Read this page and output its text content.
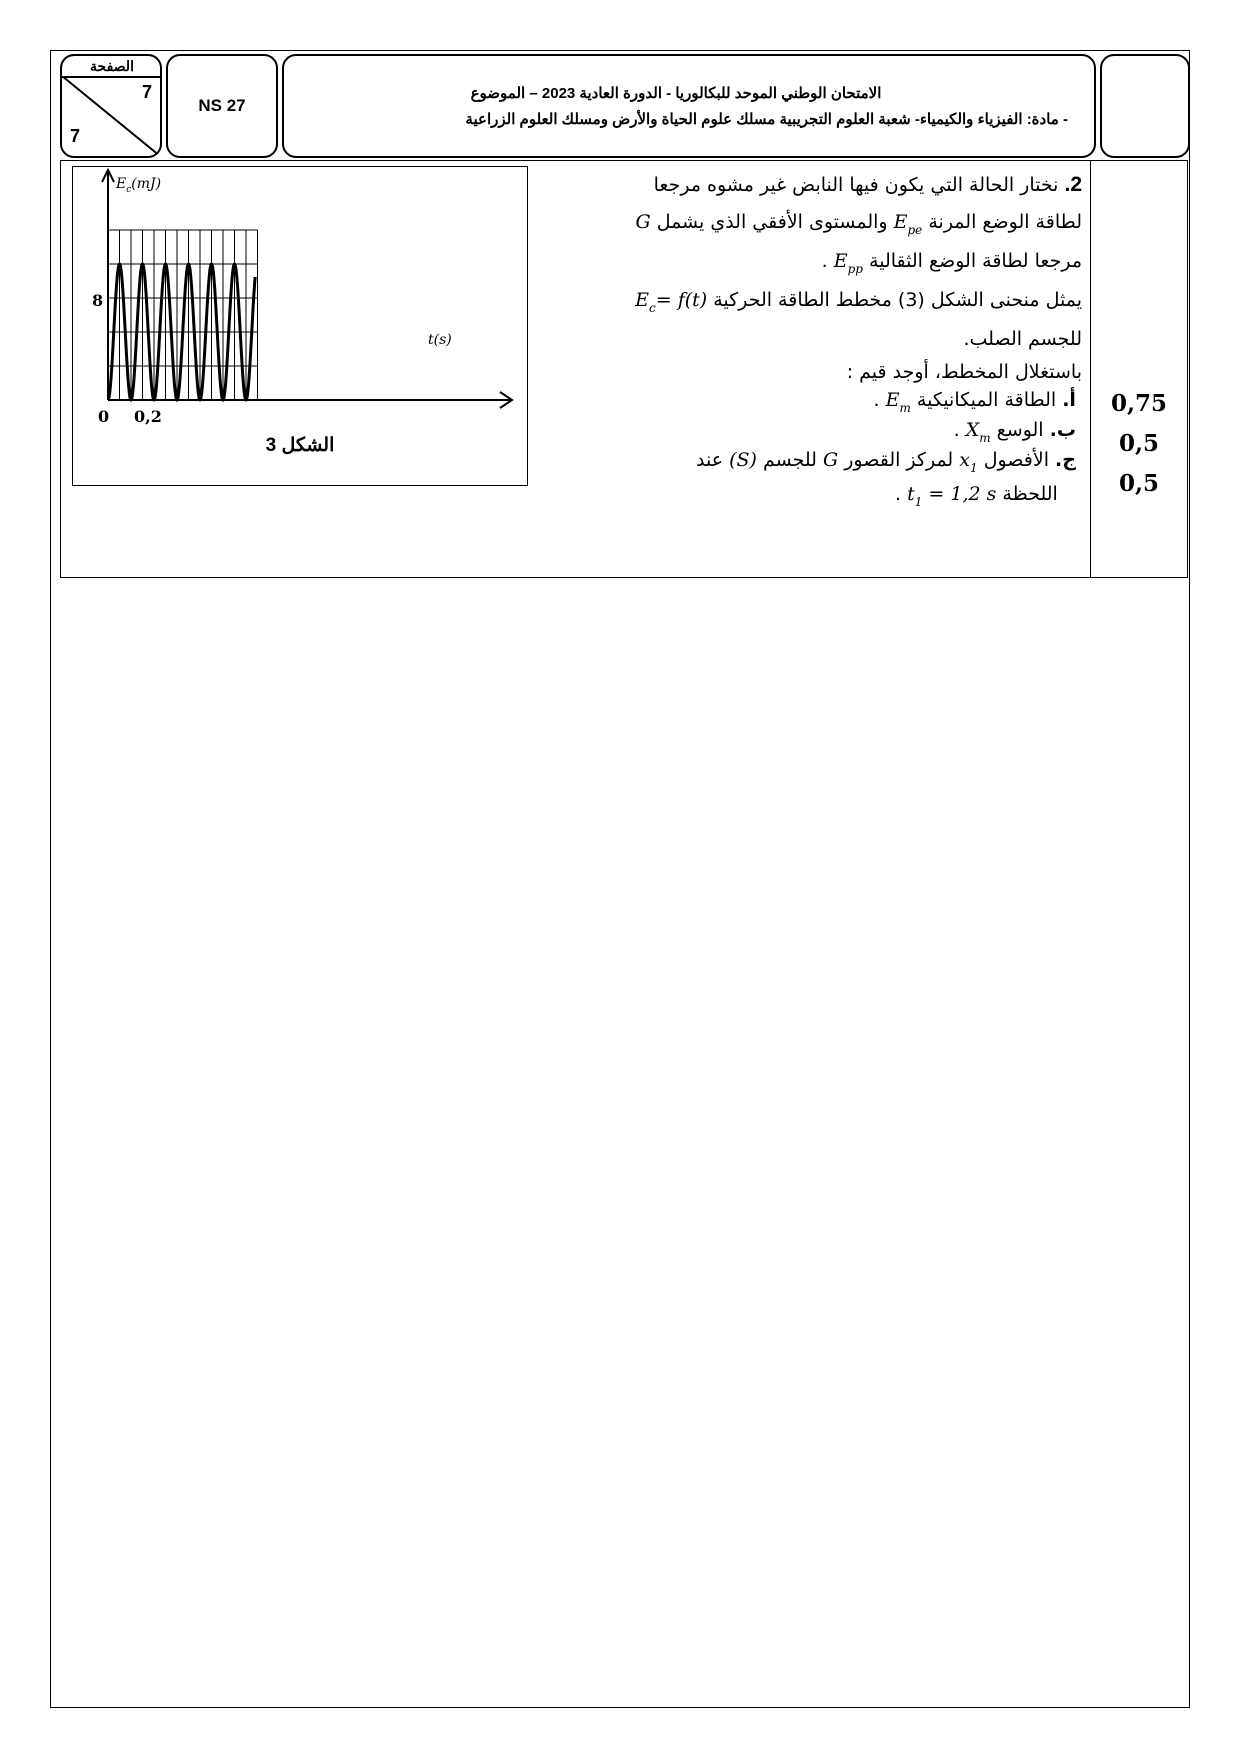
الصفحة
7
7
NS 27
الامتحان الوطني الموحد للبكالوريا - الدورة العادية 2023 – الموضوع
- مادة: الفيزياء والكيمياء- شعبة العلوم التجريبية مسلك علوم الحياة والأرض ومسلك العلوم الزراعية
$E_c(mJ)$
t(s)
8
0 0,2
الشكل 3
2. نختار الحالة التي يكون فيها النابض غير مشوه مرجعا
لطاقة الوضع المرنة $E_{pe}$ والمستوى الأفقي الذي يشمل G
مرجعا لطاقة الوضع الثقالية $E_{pp}$ .
يمثل منحنى الشكل (3) مخطط الطاقة الحركية $E_c= f(t)$
للجسم الصلب.
باستغلال المخطط، أوجد قيم :
أ. الطاقة الميكانيكية $E_m$ .
ب. الوسع $X_m$ .
ج. الأفصول $x_1$ لمركز القصور G للجسم (S) عند
اللحظة $t_1 = 1,2$ s .
0,75
0,5
0,5
